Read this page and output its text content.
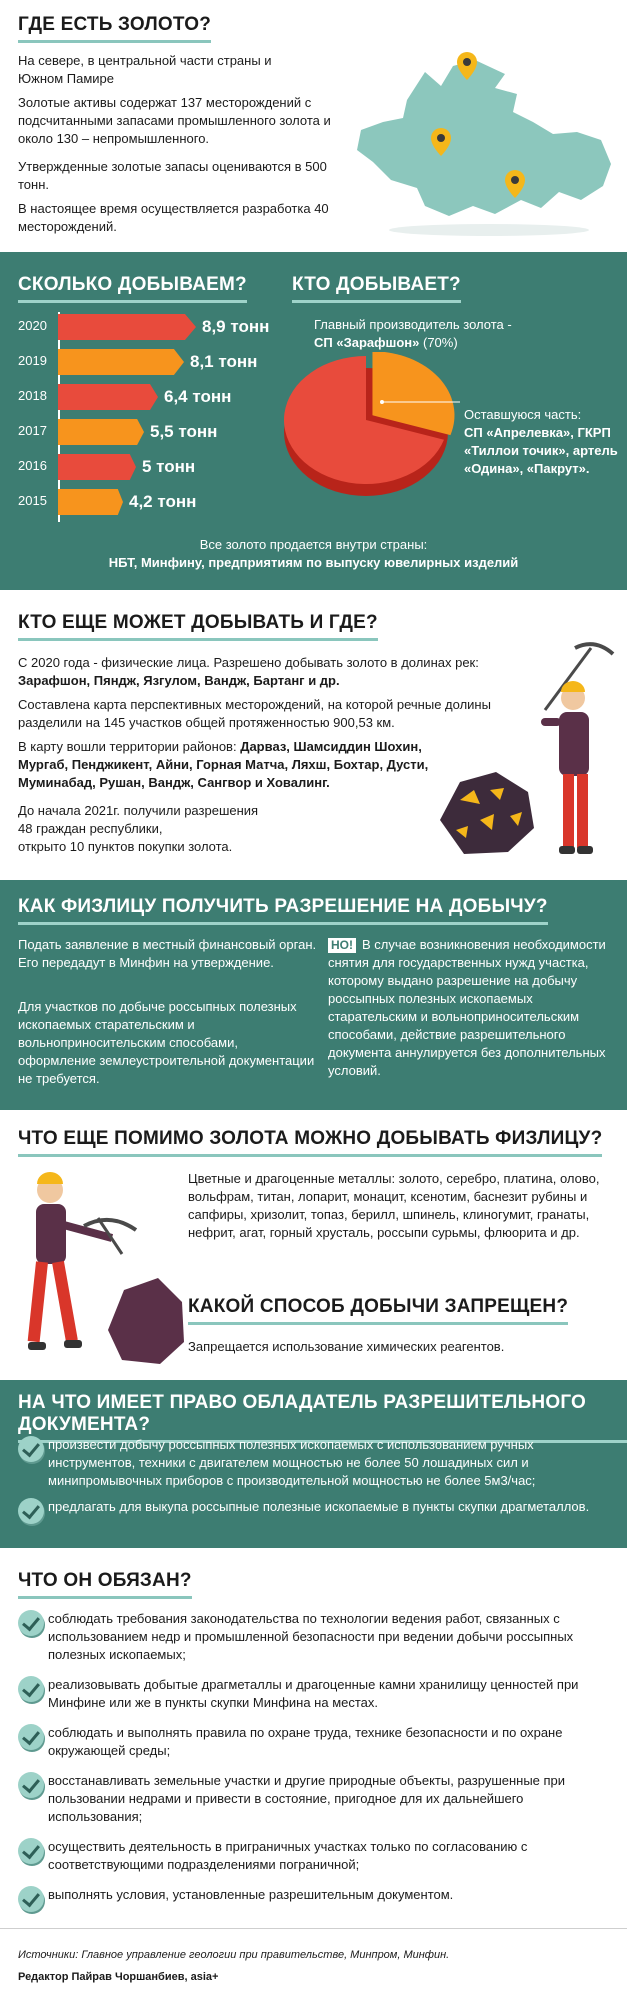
ГДЕ ЕСТЬ ЗОЛОТО?

На севере, в центральной части страны и Южном Памире

Золотые активы содержат 137 месторождений с подсчитанными запасами промышленного золота и около 130 – непромышленного.

Утвержденные золотые запасы оцениваются в 500 тонн.

В настоящее время осуществляется разработка 40 месторождений.

СКОЛЬКО ДОБЫВАЕМ?
2020	8,9 тонн
2019	8,1 тонн
2018	6,4 тонн
2017	5,5 тонн
2016	5 тонн
2015	4,2 тонн
КТО ДОБЫВАЕТ?

Главный производитель золота -

СП «Зарафшон» (70%)

Оставшуюся часть:

СП «Апрелевка», ГКРП «Тиллои точик», артель «Одина», «Пакрут».

Все золото продается внутри страны:

НБТ, Минфину, предприятиям по выпуску ювелирных изделий

КТО ЕЩЕ МОЖЕТ ДОБЫВАТЬ И ГДЕ?

С 2020 года - физические лица. Разрешено добывать золото в долинах рек: Зарафшон, Пяндж, Язгулом, Вандж, Бартанг и др.

Составлена карта перспективных месторождений, на которой речные долины разделили на 145 участков общей протяженностью 900,53 км.

В карту вошли территории районов: Дарваз, Шамсиддин Шохин, Мургаб, Пенджикент, Айни, Горная Матча, Ляхш, Бохтар, Дусти, Муминабад, Рушан, Вандж, Сангвор и Ховалинг.

До начала 2021г. получили разрешения

48 граждан республики,

открыто 10 пунктов покупки золота.

КАК ФИЗЛИЦУ ПОЛУЧИТЬ РАЗРЕШЕНИЕ НА ДОБЫЧУ?

Подать заявление в местный финансовый орган. Его передадут в Минфин на утверждение.

Для участков по добыче россыпных полезных ископаемых старательским и вольноприносительским способами, оформление землеустроительной документации не требуется.

НО! В случае возникновения необходимости снятия для государственных нужд участка, которому выдано разрешение на добычу россыпных полезных ископаемых старательским и вольноприносительским способами, действие разрешительного документа аннулируется без дополнительных условий.

ЧТО ЕЩЕ ПОМИМО ЗОЛОТА МОЖНО ДОБЫВАТЬ ФИЗЛИЦУ?

Цветные и драгоценные металлы: золото, серебро, платина, олово, вольфрам, титан, лопарит, монацит, ксенотим, баснезит рубины и сапфиры, хризолит, топаз, берилл, шпинель, клиногумит, гранаты, нефрит, агат, горный хрусталь, россыпи сурьмы, флюорита и др.

КАКОЙ СПОСОБ ДОБЫЧИ ЗАПРЕЩЕН?

Запрещается использование химических реагентов.

НА ЧТО ИМЕЕТ ПРАВО ОБЛАДАТЕЛЬ РАЗРЕШИТЕЛЬНОГО ДОКУМЕНТА?

произвести добычу россыпных полезных ископаемых с использованием ручных инструментов, техники с двигателем мощностью не более 50 лошадиных сил и минипромывочных приборов с производительной мощностью не более 5м3/час;

предлагать для выкупа россыпные полезные ископаемые в пункты скупки драгметаллов.

ЧТО ОН ОБЯЗАН?

соблюдать требования законодательства по технологии ведения работ, связанных с использованием недр и промышленной безопасности при ведении добычи россыпных полезных ископаемых;

реализовывать добытые драгметаллы и драгоценные камни хранилищу ценностей при Минфине или же в пункты скупки Минфина на местах.

соблюдать и выполнять правила по охране труда, технике безопасности и по охране окружающей среды;

восстанавливать земельные участки и другие природные объекты, разрушенные при пользовании недрами и привести в состояние, пригодное для их дальнейшего использования;

осуществить деятельность в приграничных участках только по согласованию с соответствующими подразделениями пограничной;

выполнять условия, установленные разрешительным документом.

Источники: Главное управление геологии при правительстве, Минпром, Минфин.

Редактор Пайрав Чоршанбиев, asia+
